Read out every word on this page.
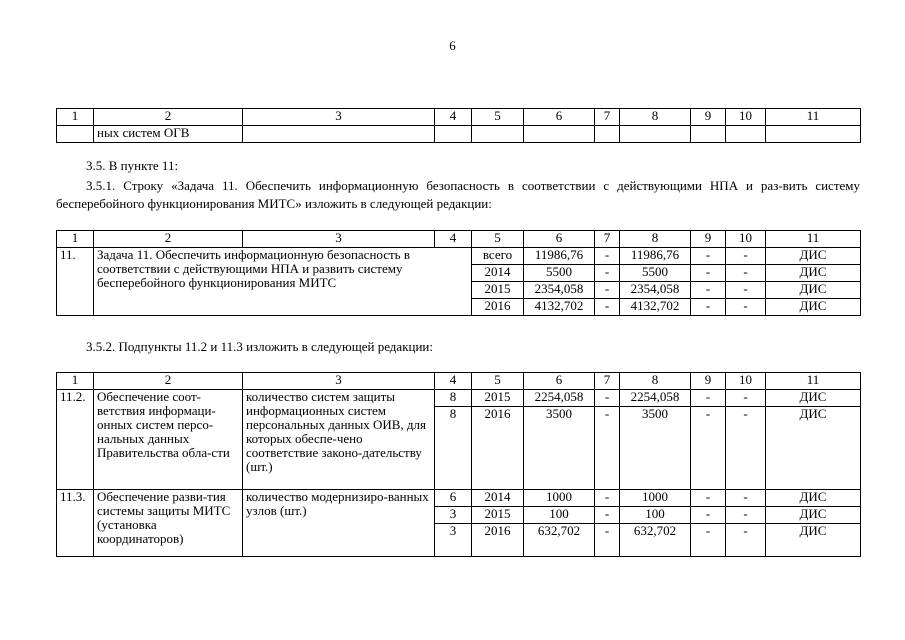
6
1	2	3	4	5	6	7	8	9	10	11
	ных систем ОГВ									
3.5. В пункте 11:
3.5.1. Строку «Задача 11. Обеспечить информационную безопасность в соответствии с действующими НПА и раз-вить систему бесперебойного функционирования МИТС» изложить в следующей редакции:
1	2	3	4	5	6	7	8	9	10	11
11.	Задача 11. Обеспечить информационную безопасность в соответствии с действующими НПА и развить систему бесперебойного функционирования МИТС			всего	11986,76	-	11986,76	-	-	ДИС
				2014	5500	-	5500	-	-	ДИС
				2015	2354,058	-	2354,058	-	-	ДИС
				2016	4132,702	-	4132,702	-	-	ДИС
3.5.2. Подпункты 11.2 и 11.3 изложить в следующей редакции:
1	2	3	4	5	6	7	8	9	10	11
11.2.	Обеспечение соот-ветствия информаци-онных систем персо-нальных данных Правительства обла-сти	количество систем защиты информационных систем персональных данных ОИВ, для которых обеспе-чено соответствие законо-дательству (шт.)	8	2015	2254,058	-	2254,058	-	-	ДИС
			8	2016	3500	-	3500	-	-	ДИС
11.3.	Обеспечение разви-тия системы защиты МИТС (установка координаторов)	количество модернизиро-ванных узлов (шт.)	6	2014	1000	-	1000	-	-	ДИС
			3	2015	100	-	100	-	-	ДИС
			3	2016	632,702	-	632,702	-	-	ДИС
